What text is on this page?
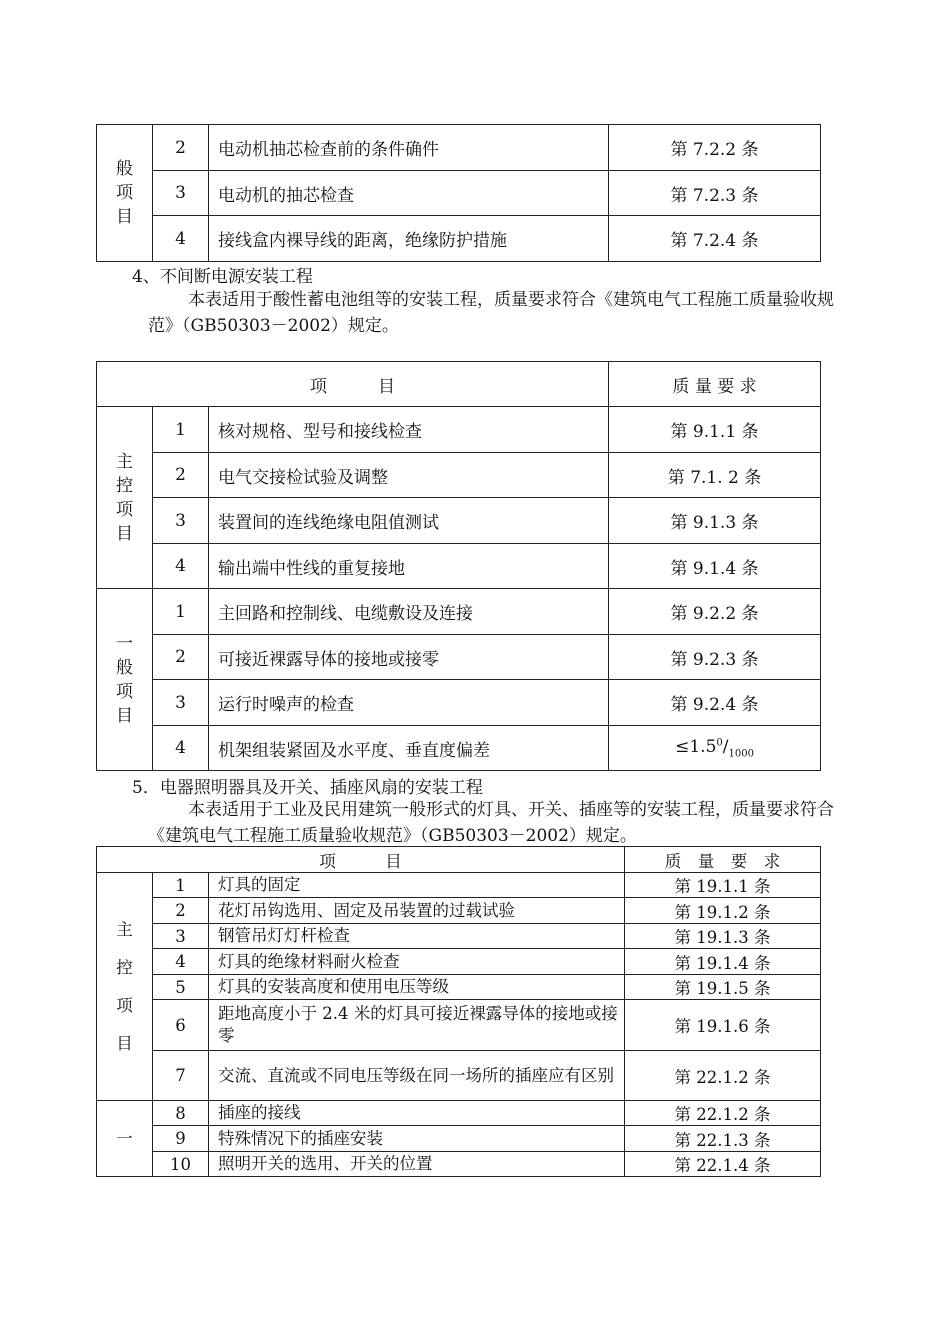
般
项
目	2	电动机抽芯检查前的条件确件	第 7.2.2 条
	3	电动机的抽芯检查	第 7.2.3 条
	4	接线盒内裸导线的距离，绝缘防护措施	第 7.2.4 条
4、不间断电源安装工程
本表适用于酸性蓄电池组等的安装工程，质量要求符合《建筑电气工程施工质量验收规范》（GB50303－2002）规定。
项　　　目			质 量 要 求

主
控
项
目	1	核对规格、型号和接线检查	第 9.1.1 条
	2	电气交接检试验及调整	第 7.1. 2 条
	3	装置间的连线绝缘电阻值测试	第 9.1.3 条
	4	输出端中性线的重复接地	第 9.1.4 条

一
般
项
目	1	主回路和控制线、电缆敷设及连接	第 9.2.2 条
	2	可接近裸露导体的接地或接零	第 9.2.3 条
	3	运行时噪声的检查	第 9.2.4 条
	4	机架组装紧固及水平度、垂直度偏差	$\le 1.5^0/_{1000}$
5．电器照明器具及开关、插座风扇的安装工程
本表适用于工业及民用建筑一般形式的灯具、开关、插座等的安装工程，质量要求符合《建筑电气工程施工质量验收规范》（GB50303－2002）规定。
项　　　目			质　量　要　求

主
控
项
目	1	灯具的固定	第 19.1.1 条
	2	花灯吊钩选用、固定及吊装置的过载试验	第 19.1.2 条
	3	钢管吊灯灯杆检查	第 19.1.3 条
	4	灯具的绝缘材料耐火检查	第 19.1.4 条
	5	灯具的安装高度和使用电压等级	第 19.1.5 条
	6	距地高度小于 2.4 米的灯具可接近裸露导体的接地或接零	第 19.1.6 条
	7	交流、直流或不同电压等级在同一场所的插座应有区别	第 22.1.2 条

一	8	插座的接线	第 22.1.2 条
	9	特殊情况下的插座安装	第 22.1.3 条
	10	照明开关的选用、开关的位置	第 22.1.4 条
